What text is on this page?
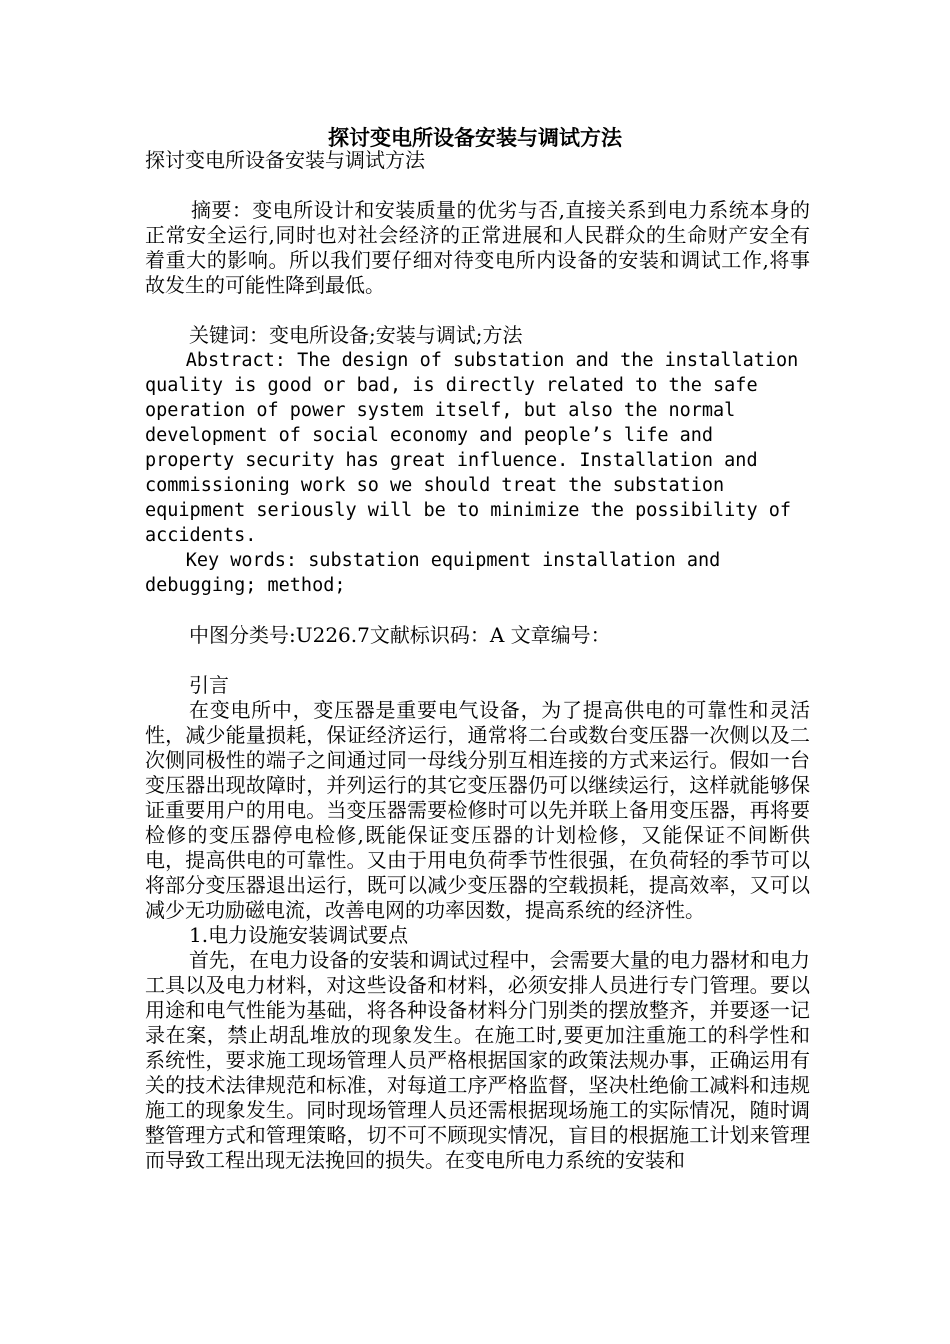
探讨变电所设备安装与调试方法

探讨变电所设备安装与调试方法

摘要：变电所设计和安装质量的优劣与否,直接关系到电力系统本身的正常安全运行,同时也对社会经济的正常进展和人民群众的生命财产安全有着重大的影响。所以我们要仔细对待变电所内设备的安装和调试工作,将事故发生的可能性降到最低。

关键词：变电所设备;安装与调试;方法

Abstract: The design of substation and the installation quality is good or bad, is directly related to the safe operation of power system itself, but also the normal development of social economy and people’s life and property security has great influence. Installation and commissioning work so we should treat the substation equipment seriously will be to minimize the possibility of accidents.

Key words: substation equipment installation and debugging; method;

中图分类号:U226.7文献标识码：A 文章编号：

引言

在变电所中，变压器是重要电气设备，为了提高供电的可靠性和灵活性，减少能量损耗，保证经济运行，通常将二台或数台变压器一次侧以及二次侧同极性的端子之间通过同一母线分别互相连接的方式来运行。假如一台变压器出现故障时，并列运行的其它变压器仍可以继续运行，这样就能够保证重要用户的用电。当变压器需要检修时可以先并联上备用变压器，再将要检修的变压器停电检修,既能保证变压器的计划检修，又能保证不间断供电，提高供电的可靠性。又由于用电负荷季节性很强，在负荷轻的季节可以将部分变压器退出运行，既可以减少变压器的空载损耗，提高效率，又可以减少无功励磁电流，改善电网的功率因数，提高系统的经济性。

1.电力设施安装调试要点

首先，在电力设备的安装和调试过程中，会需要大量的电力器材和电力工具以及电力材料，对这些设备和材料，必须安排人员进行专门管理。要以用途和电气性能为基础，将各种设备材料分门别类的摆放整齐，并要逐一记录在案，禁止胡乱堆放的现象发生。在施工时,要更加注重施工的科学性和系统性，要求施工现场管理人员严格根据国家的政策法规办事，正确运用有关的技术法律规范和标准，对每道工序严格监督，坚决杜绝偷工减料和违规施工的现象发生。同时现场管理人员还需根据现场施工的实际情况，随时调整管理方式和管理策略，切不可不顾现实情况，盲目的根据施工计划来管理而导致工程出现无法挽回的损失。在变电所电力系统的安装和
